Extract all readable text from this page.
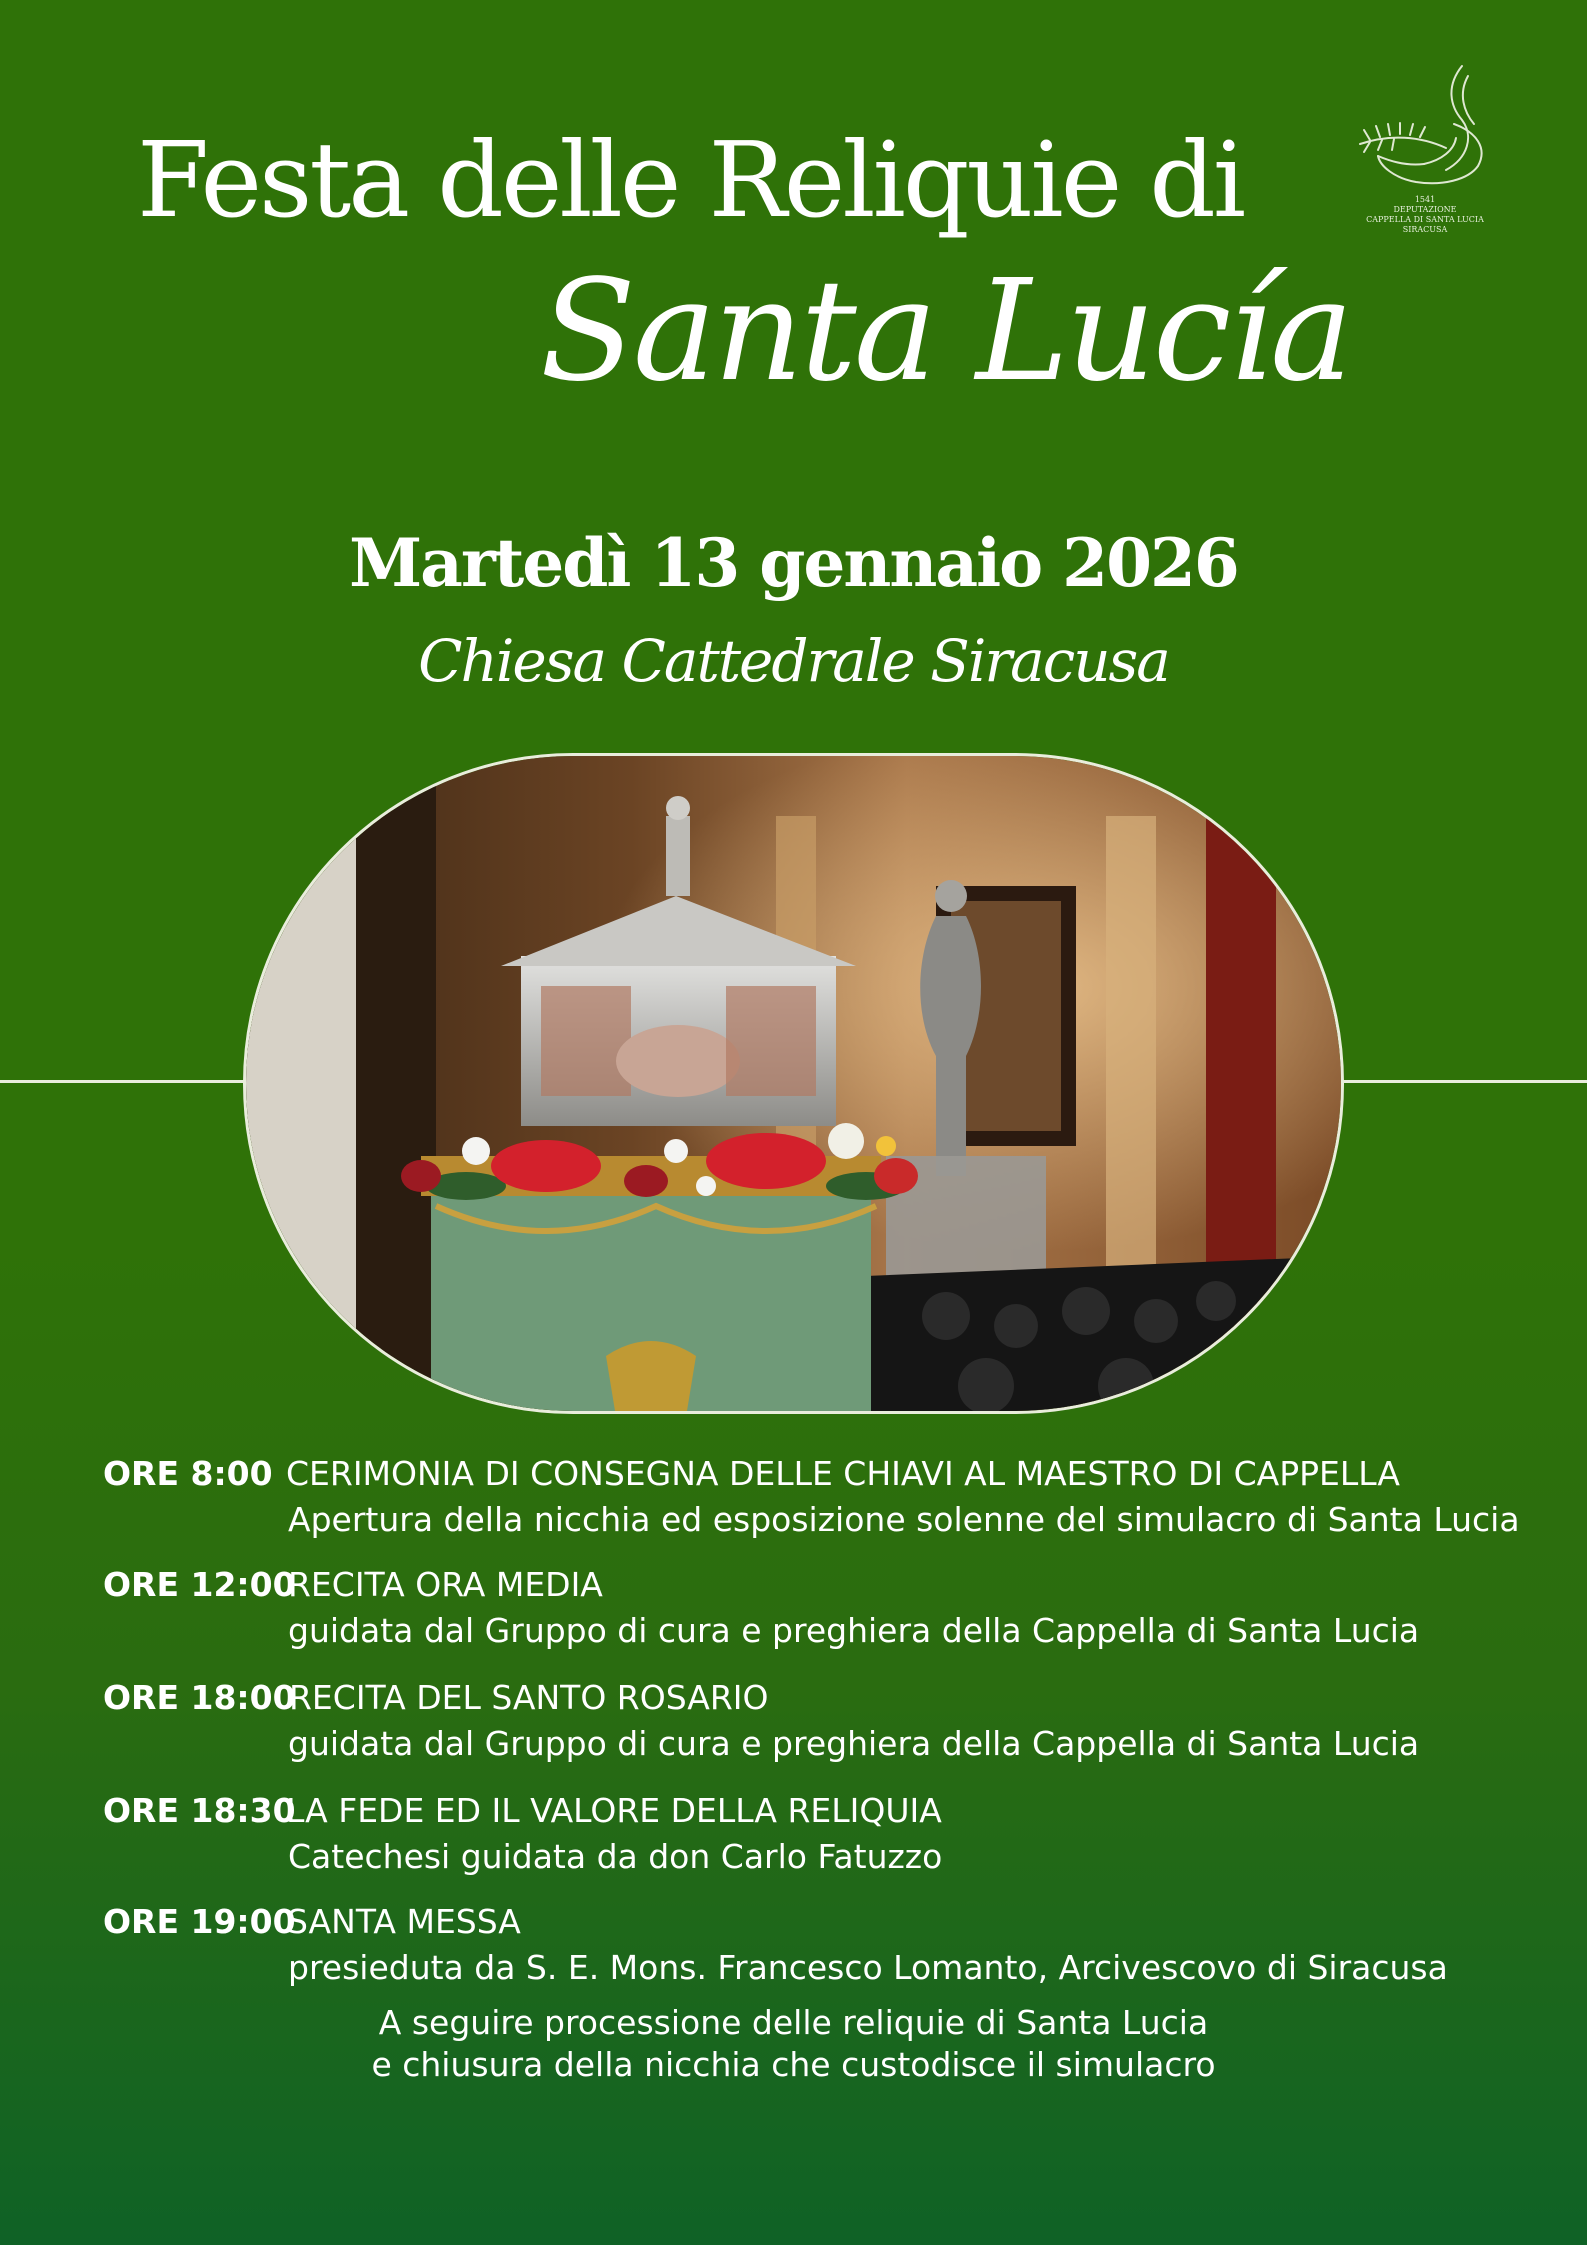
Festa delle Reliquie di
Santa Lucía
1541
DEPUTAZIONE
CAPPELLA DI SANTA LUCIA
SIRACUSA
Martedì 13 gennaio 2026
Chiesa Cattedrale Siracusa
ORE 8:00 CERIMONIA DI CONSEGNA DELLE CHIAVI AL MAESTRO DI CAPPELLA
Apertura della nicchia ed esposizione solenne del simulacro di Santa Lucia
ORE 12:00
RECITA ORA MEDIA
guidata dal Gruppo di cura e preghiera della Cappella di Santa Lucia
ORE 18:00
RECITA DEL SANTO ROSARIO
guidata dal Gruppo di cura e preghiera della Cappella di Santa Lucia
ORE 18:30
LA FEDE ED IL VALORE DELLA RELIQUIA
Catechesi guidata da don Carlo Fatuzzo
ORE 19:00
SANTA MESSA
presieduta da S. E. Mons. Francesco Lomanto, Arcivescovo di Siracusa
A seguire processione delle reliquie di Santa Lucia
e chiusura della nicchia che custodisce il simulacro
